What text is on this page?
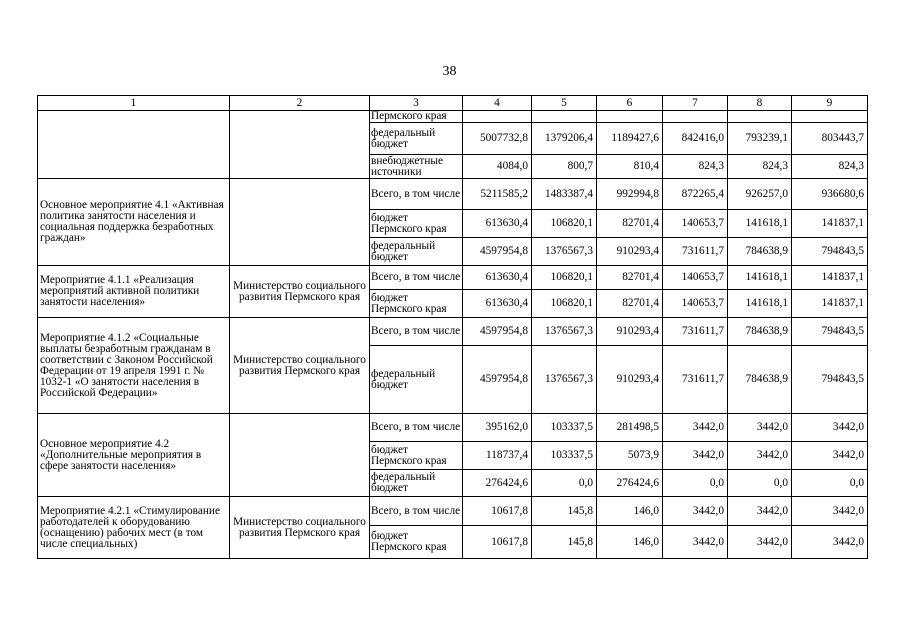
38
1	2	3	4	5	6	7	8	9
		Пермского края						
		федеральный бюджет	5007732,8	1379206,4	1189427,6	842416,0	793239,1	803443,7
		внебюджетные источники	4084,0	800,7	810,4	824,3	824,3	824,3
Основное мероприятие 4.1 «Активная политика занятости населения и социальная поддержка безработных граждан»		Всего, в том числе	5211585,2	1483387,4	992994,8	872265,4	926257,0	936680,6
		бюджет Пермского края	613630,4	106820,1	82701,4	140653,7	141618,1	141837,1
		федеральный бюджет	4597954,8	1376567,3	910293,4	731611,7	784638,9	794843,5
Мероприятие 4.1.1 «Реализация мероприятий активной политики занятости населения»	Министерство социального развития Пермского края	Всего, в том числе	613630,4	106820,1	82701,4	140653,7	141618,1	141837,1
		бюджет Пермского края	613630,4	106820,1	82701,4	140653,7	141618,1	141837,1
Мероприятие 4.1.2 «Социальные выплаты безработным гражданам в соответствии с Законом Российской Федерации от 19 апреля 1991 г. № 1032-1 «О занятости населения в Российской Федерации»	Министерство социального развития Пермского края	Всего, в том числе	4597954,8	1376567,3	910293,4	731611,7	784638,9	794843,5
		федеральный бюджет	4597954,8	1376567,3	910293,4	731611,7	784638,9	794843,5
Основное мероприятие 4.2 «Дополнительные мероприятия в сфере занятости населения»		Всего, в том числе	395162,0	103337,5	281498,5	3442,0	3442,0	3442,0
		бюджет Пермского края	118737,4	103337,5	5073,9	3442,0	3442,0	3442,0
		федеральный бюджет	276424,6	0,0	276424,6	0,0	0,0	0,0
Мероприятие 4.2.1 «Стимулирование работодателей к оборудованию (оснащению) рабочих мест (в том числе специальных)	Министерство социального развития Пермского края	Всего, в том числе	10617,8	145,8	146,0	3442,0	3442,0	3442,0
		бюджет Пермского края	10617,8	145,8	146,0	3442,0	3442,0	3442,0
